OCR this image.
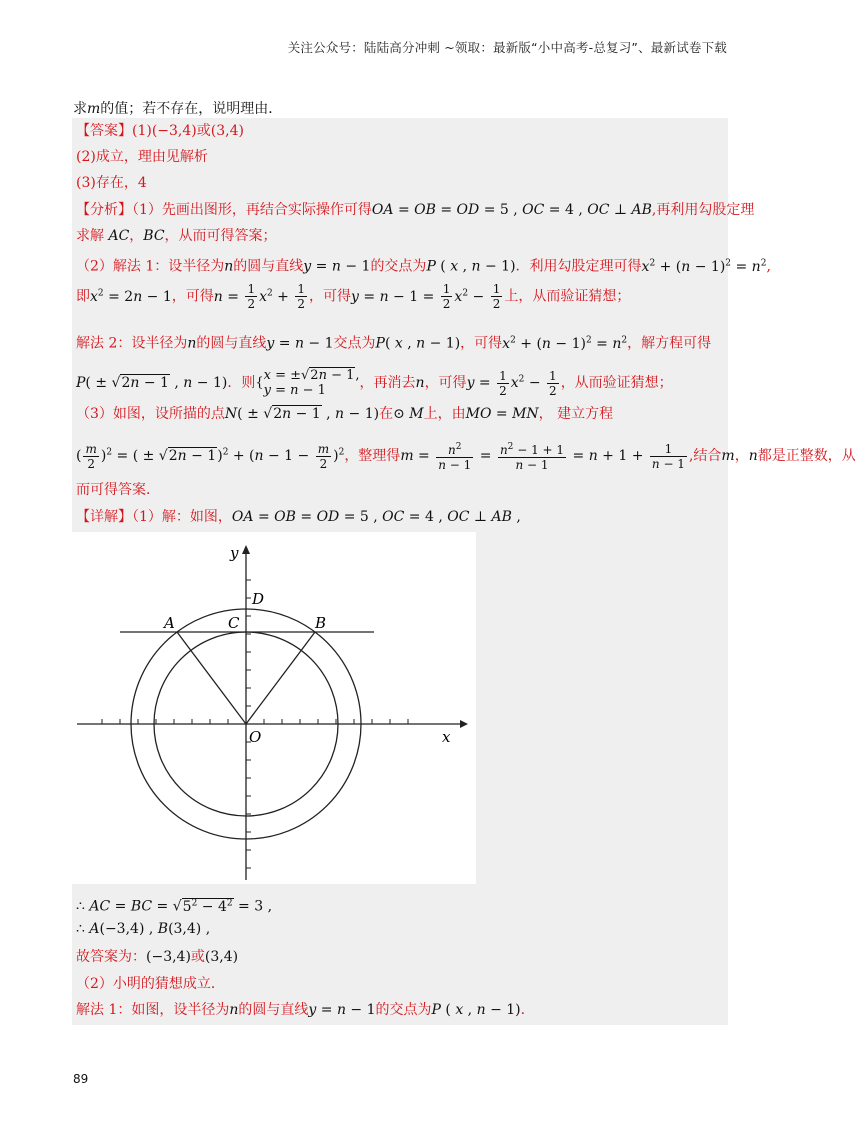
关注公众号：陆陆高分冲刺 ~领取：最新版“小中高考-总复习”、最新试卷下载
求m的值；若不存在，说明理由．
【答案】(1)(−3,4)或(3,4)
(2)成立，理由见解析
(3)存在，4
【分析】（1）先画出图形，再结合实际操作可得OA = OB = OD = 5 , OC = 4 , OC ⊥ AB,再利用勾股定理
求解 AC，BC，从而可得答案；
（2）解法 1：设半径为n的圆与直线y = n − 1的交点为P ( x , n − 1)．利用勾股定理可得$x^2 + (n - 1)^2 = n^2$,
即$x^2 = 2n - 1$，可得$n = \frac{1}{2} x^2 + \frac{1}{2}$ ，可得$y = n - 1 = \frac{1}{2} x^2 - \frac{1}{2}$ 上，从而验证猜想；
解法 2：设半径为n的圆与直线y = n − 1交点为P( x , n − 1)，可得$x^2 + (n - 1)^2 = n^2$，解方程可得
P( ± √2n − 1 , n − 1)．则{ x = ±√2n − 1,
y = n − 1	，再消去n，可得$y = \frac{1}{2} x^2 - \frac{1}{2}$ ，从而验证猜想；
（3）如图，设所描的点N( ± √2n − 1 , n − 1)在⊙ M上，由MO = MN， 建立方程
( $\frac{m}{2} )^2$ = ( ± $√2n - 1)^2 + (n - 1 - \frac{m}{2} )^2$，整理得$m = \frac{n^2}{n - 1} = \frac{n^2 - 1 + 1}{n - 1} = n + 1 + \frac{1}{n - 1}$ ,结合m，n都是正整数，从
而可得答案．
【详解】（1）解：如图，OA = OB = OD = 5 , OC = 4 , OC ⊥ AB ,
y
x
O
A	B
C
D
∴ AC = BC = $√5^2 - 4^2 = 3$ ,
∴ A(−3,4) , B(3,4) ,
故答案为：(−3,4)或(3,4)
（2）小明的猜想成立．
解法 1：如图，设半径为n的圆与直线y = n − 1的交点为P ( x , n − 1).
89
